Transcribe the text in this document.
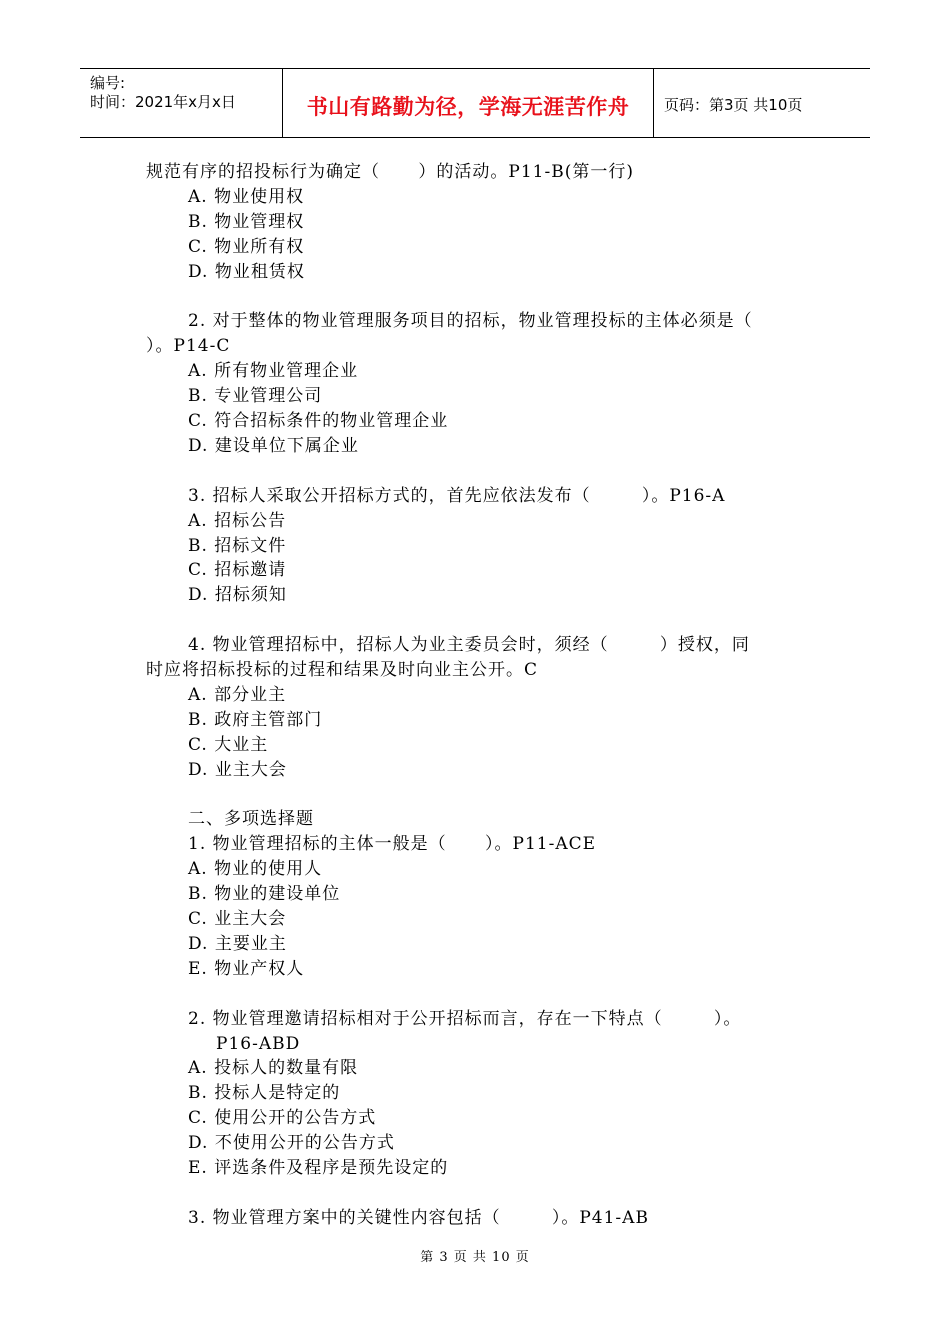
编号:
时间：2021年x月x日	书山有路勤为径，学海无涯苦作舟	页码：第3页 共10页
规范有序的招投标行为确定（      ）的活动。P11-B(第一行)
A. 物业使用权
B. 物业管理权
C. 物业所有权
D. 物业租赁权
2. 对于整体的物业管理服务项目的招标，物业管理投标的主体必须是（
）。P14-C
A. 所有物业管理企业
B. 专业管理公司
C. 符合招标条件的物业管理企业
D. 建设单位下属企业
3. 招标人采取公开招标方式的，首先应依法发布（        ）。P16-A
A. 招标公告
B. 招标文件
C. 招标邀请
D. 招标须知
4. 物业管理招标中，招标人为业主委员会时，须经（        ）授权，同
时应将招标投标的过程和结果及时向业主公开。C
A. 部分业主
B. 政府主管部门
C. 大业主
D. 业主大会
二、多项选择题
1. 物业管理招标的主体一般是（      ）。P11-ACE
A. 物业的使用人
B. 物业的建设单位
C. 业主大会
D. 主要业主
E. 物业产权人
2. 物业管理邀请招标相对于公开招标而言，存在一下特点（        ）。
P16-ABD
A. 投标人的数量有限
B. 投标人是特定的
C. 使用公开的公告方式
D. 不使用公开的公告方式
E. 评选条件及程序是预先设定的
3. 物业管理方案中的关键性内容包括（        ）。P41-AB
第 3 页 共 10 页
